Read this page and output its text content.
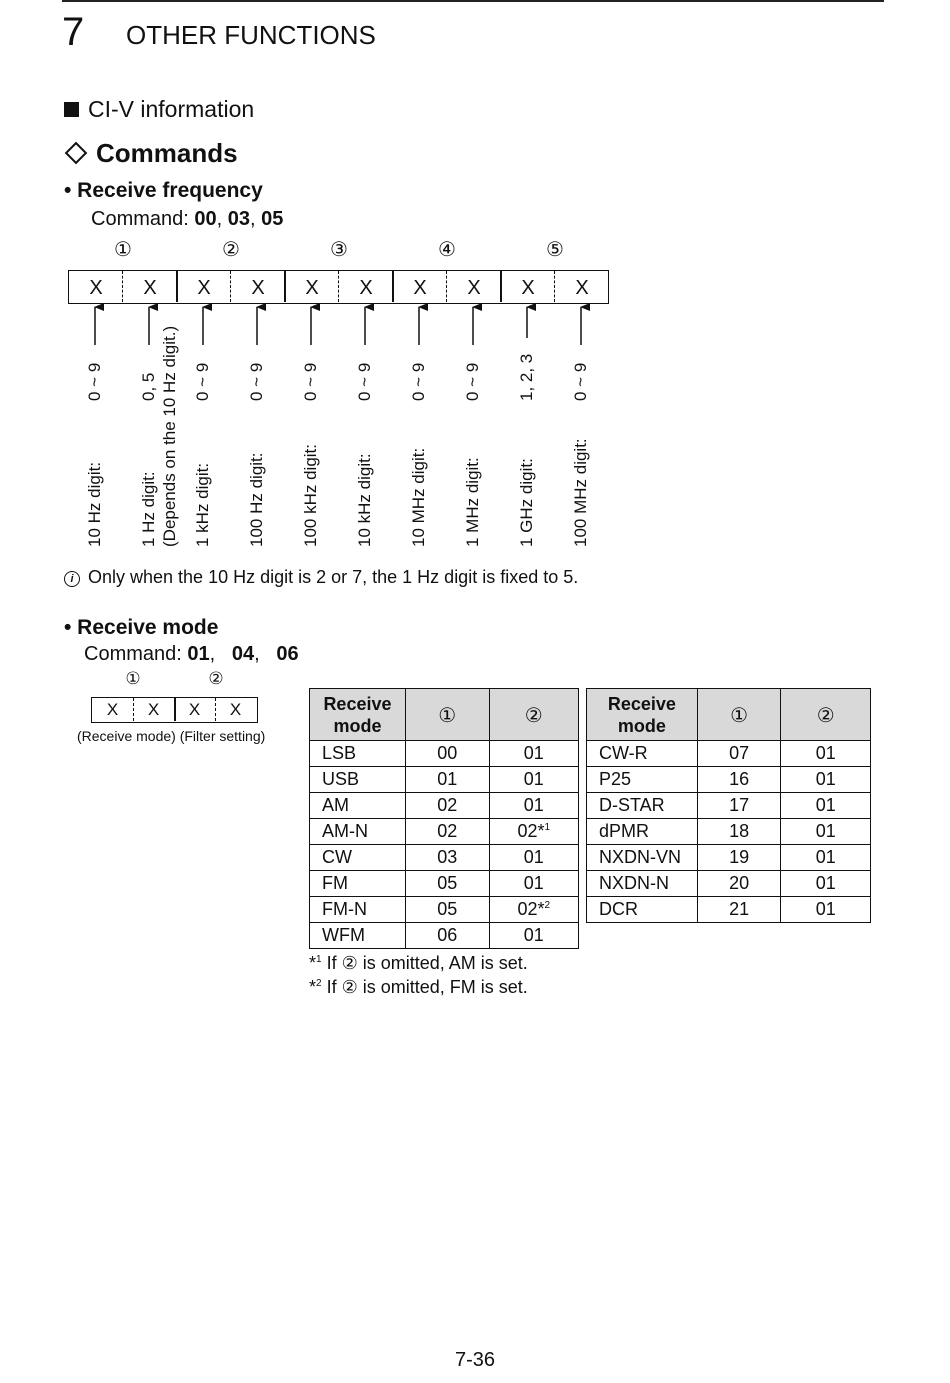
7 OTHER FUNCTIONS
CI-V information
Commands
• Receive frequency
Command: 00, 03, 05
①	②	③	④	⑤
X	X	X	X	X	X	X	X	X	X
0 ~ 9
10 Hz digit:
0, 5
1 Hz digit: (Depends on the 10 Hz digit.) 0 ~ 9
1 kHz digit:
0 ~ 9
100 Hz digit:
0 ~ 9
100 kHz digit:
0 ~ 9
10 kHz digit:
0 ~ 9
10 MHz digit:
0 ~ 9
1 MHz digit:
1, 2, 3
1 GHz digit:
0 ~ 9
100 MHz digit:
i Only when the 10 Hz digit is 2 or 7, the 1 Hz digit is fixed to 5.
• Receive mode
Command: 01,   04,   06
①	②
X	X	X	X
(Receive mode) (Filter setting)
Receive
mode	①	②
LSB	00	01
USB	01	01
AM	02	01
AM-N	02	02*$^1$
CW	03	01
FM	05	01
FM-N	05	02*$^2$
WFM	06	01
Receive
mode	①	②
CW-R	07	01
P25	16	01
D-STAR	17	01
dPMR	18	01
NXDN-VN	19	01
NXDN-N	20	01
DCR	21	01
*$^1$ If ② is omitted, AM is set.
*$^2$ If ② is omitted, FM is set.
7-36
